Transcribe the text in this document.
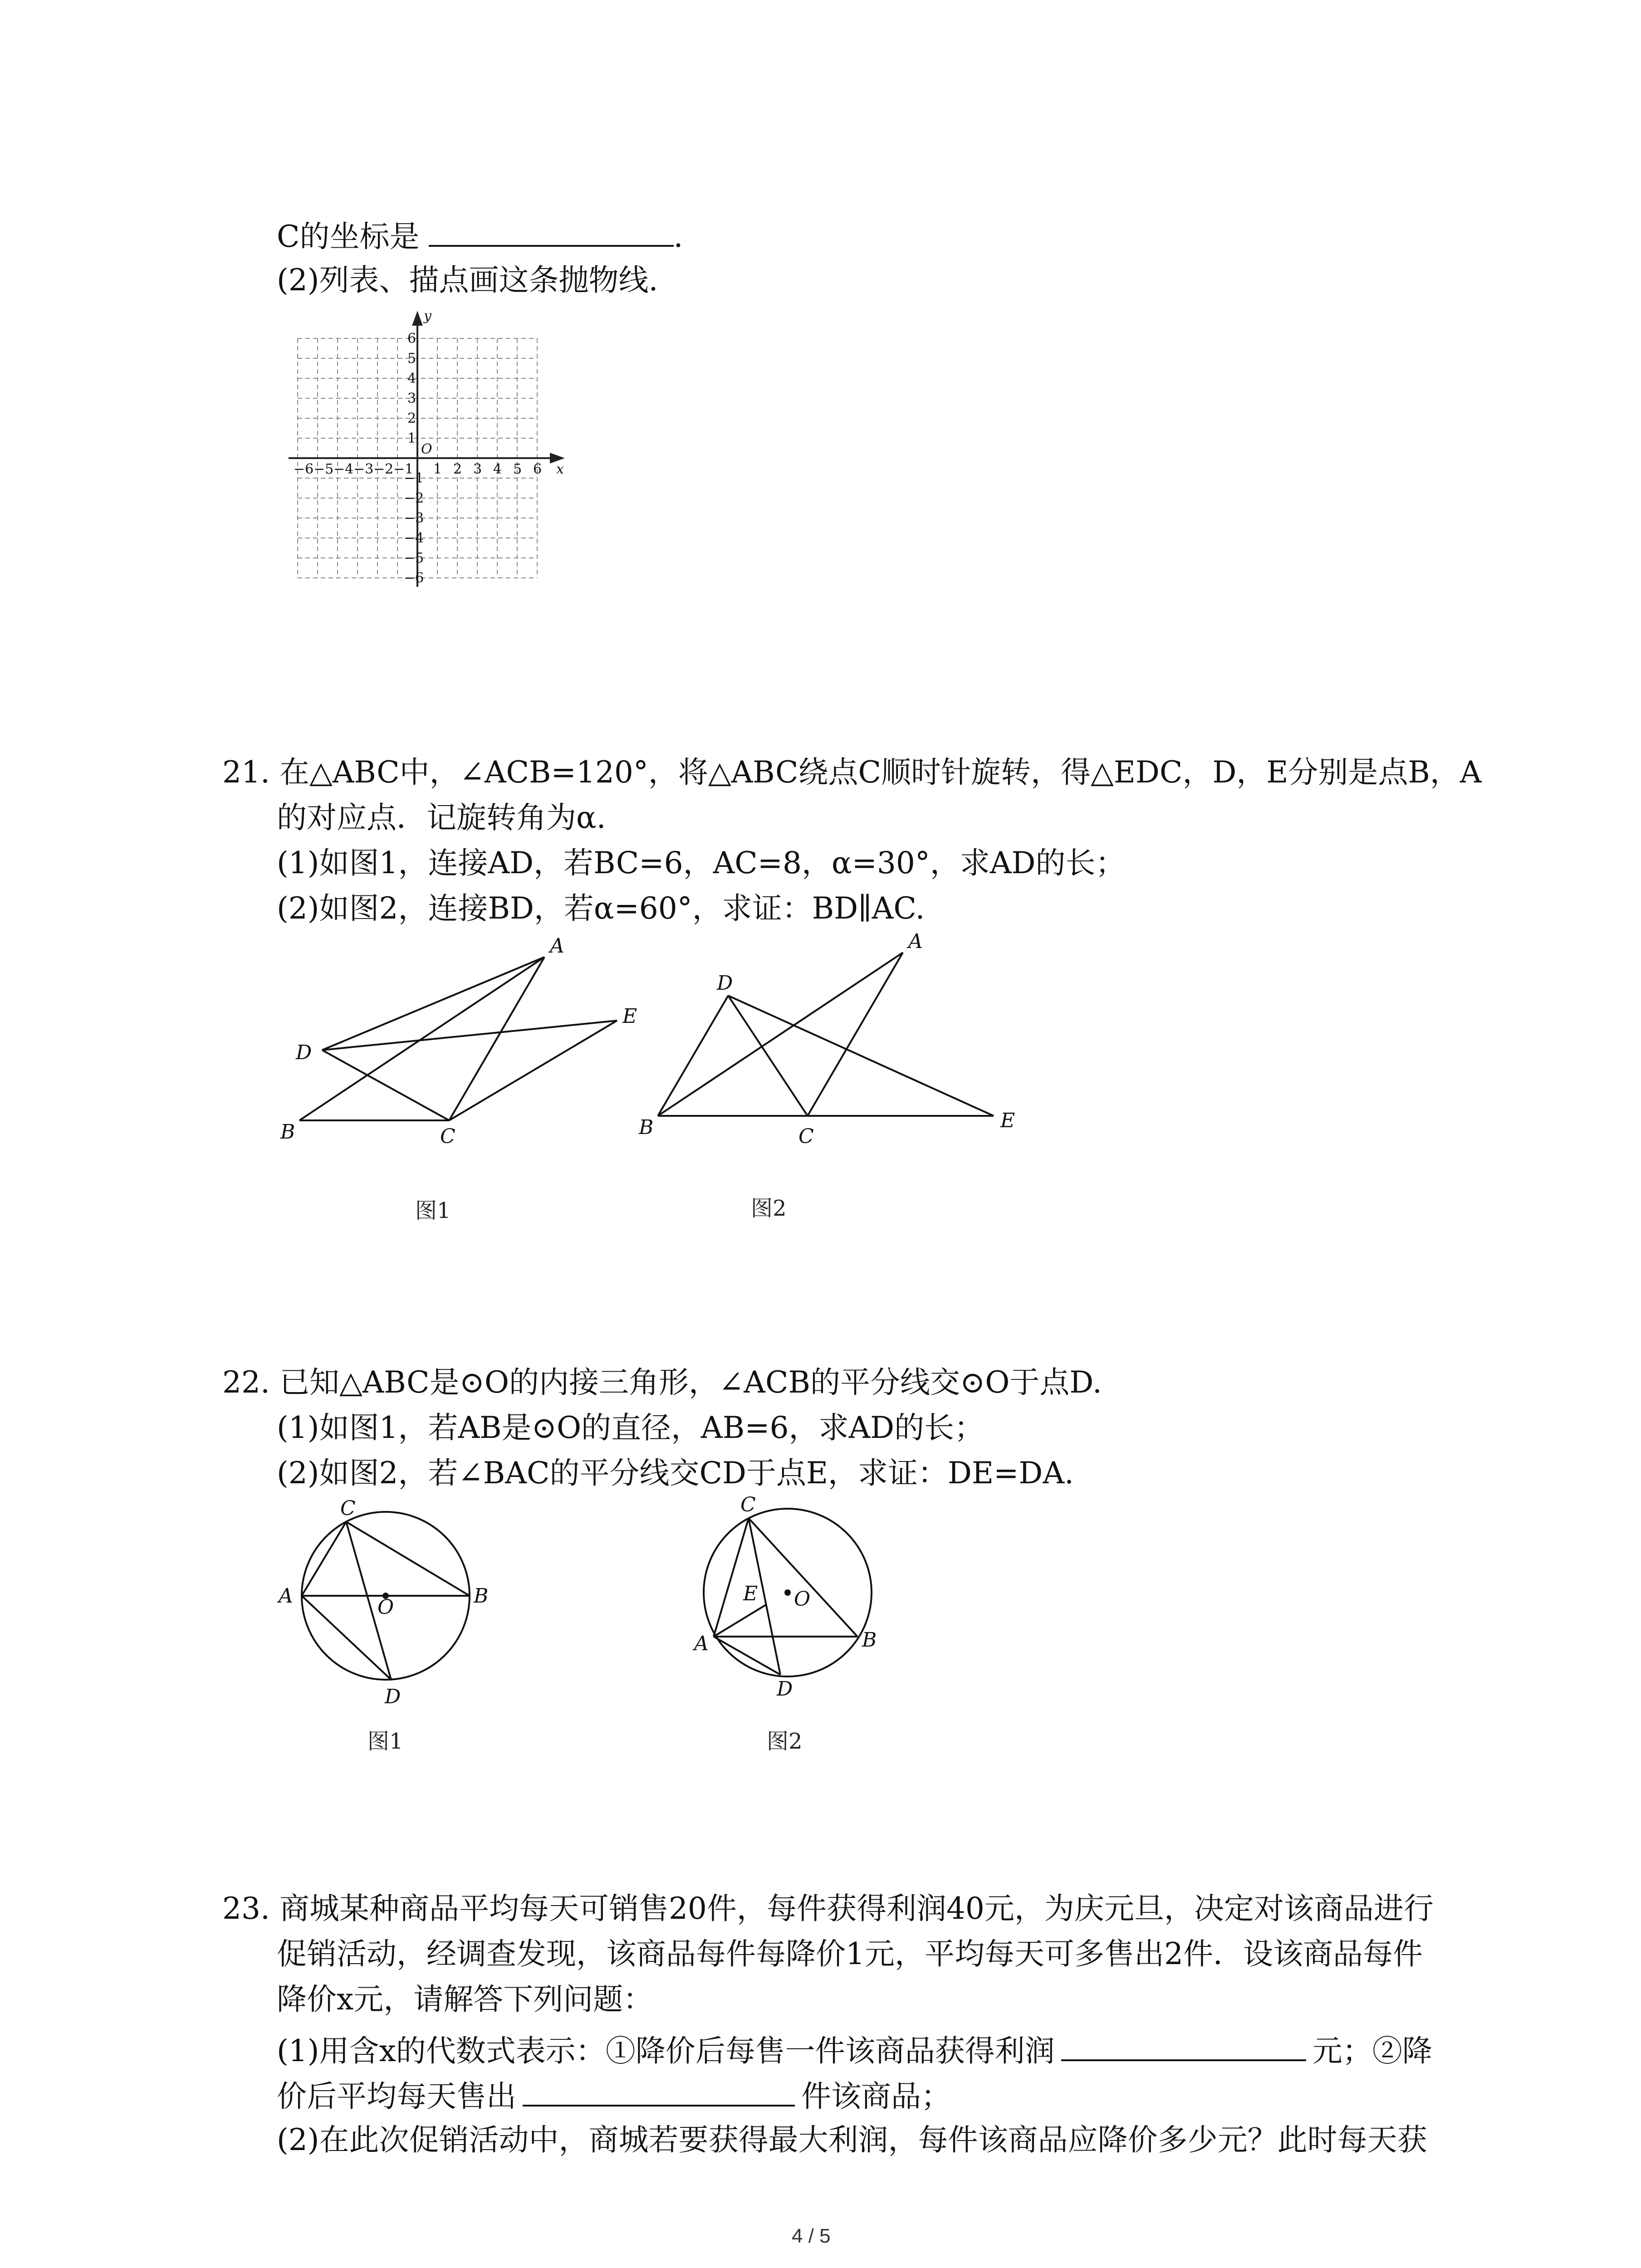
C的坐标是	.
(2)列表、描点画这条抛物线.
−6 −5 −4 −3 −2 −1 1 2 3 4 5 6
6
5
4
3
2
1
−1
−2
−3
−4
−5
−6
O
x
y
21. 在△ABC中，∠ACB=120°，将△ABC绕点C顺时针旋转，得△EDC，D，E分别是点B，A
的对应点．记旋转角为α.
(1)如图1，连接AD，若BC=6，AC=8，α=30°，求AD的长；
(2)如图2，连接BD，若α=60°，求证：BD∥AC.
A
B	C
D
E
图1
A
B	C
D
E
图2
22. 已知△ABC是⊙O的内接三角形，∠ACB的平分线交⊙O于点D.
(1)如图1，若AB是⊙O的直径，AB=6，求AD的长；
(2)如图2，若∠BAC的平分线交CD于点E，求证：DE=DA.
C
A	B
O
D
图1
C
A	B
E O
D
图2
23. 商城某种商品平均每天可销售20件，每件获得利润40元，为庆元旦，决定对该商品进行
促销活动，经调查发现，该商品每件每降价1元，平均每天可多售出2件．设该商品每件
降价x元，请解答下列问题：
(1)用含x的代数式表示：①降价后每售一件该商品获得利润	元；②降
价后平均每天售出	件该商品；
(2)在此次促销活动中，商城若要获得最大利润，每件该商品应降价多少元？此时每天获
4 / 5
